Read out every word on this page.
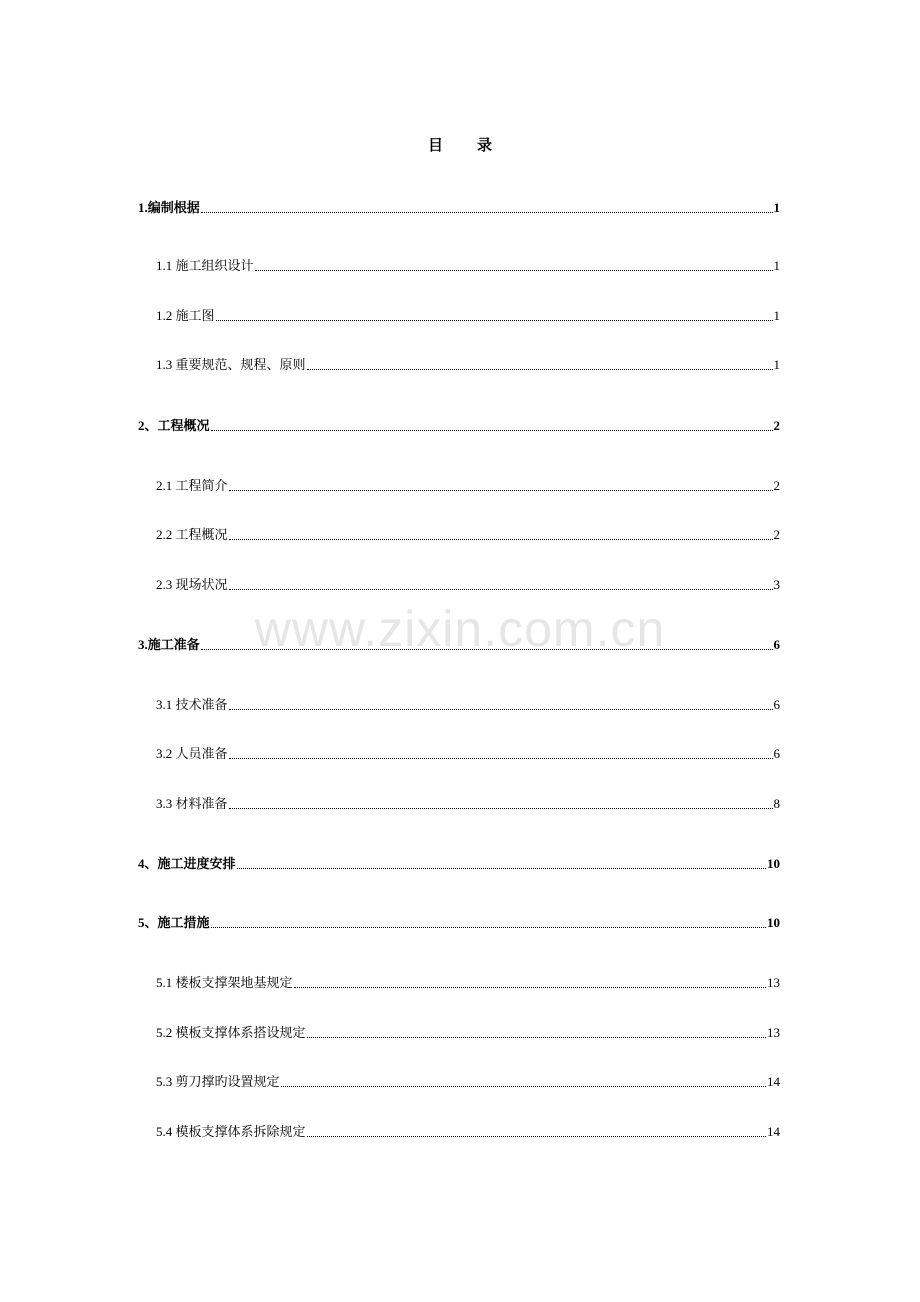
www.zixin.com.cn
目 录
1.编制根据	1
1.1 施工组织设计	1
1.2 施工图	1
1.3 重要规范、规程、原则	1
2、工程概况	2
2.1 工程简介	2
2.2 工程概况	2
2.3 现场状况	3
3.施工准备	6
3.1 技术准备	6
3.2 人员准备	6
3.3 材料准备	8
4、施工进度安排	10
5、施工措施	10
5.1 楼板支撑架地基规定	13
5.2 模板支撑体系搭设规定	13
5.3 剪刀撑旳设置规定	14
5.4 模板支撑体系拆除规定	14
